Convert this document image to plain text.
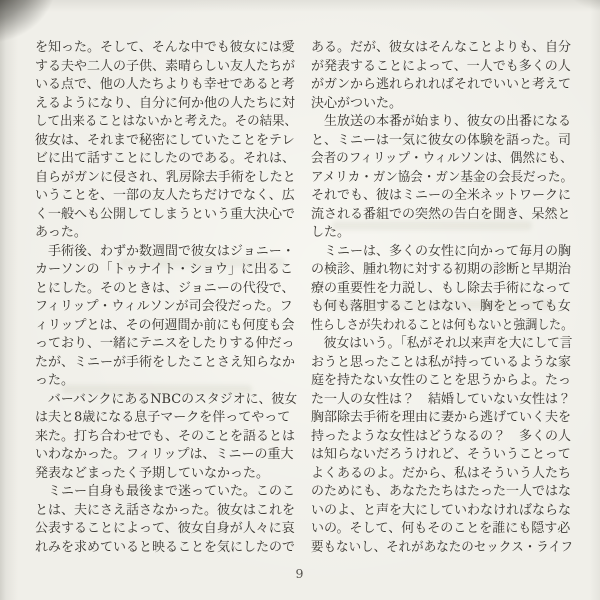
を知った。そして、そんな中でも彼女には愛
する夫や二人の子供、素晴らしい友人たちが
いる点で、他の人たちよりも幸せであると考
えるようになり、自分に何か他の人たちに対
して出来ることはないかと考えた。その結果、
彼女は、それまで秘密にしていたことをテレ
ビに出て話すことにしたのである。それは、
自らがガンに侵され、乳房除去手術をしたと
いうことを、一部の友人たちだけでなく、広
く一般へも公開してしまうという重大決心で
あった。
　手術後、わずか数週間で彼女はジョニー・
カーソンの「トゥナイト・ショウ」に出るこ
とにした。そのときは、ジョニーの代役で、
フィリップ・ウィルソンが司会役だった。フ
ィリップとは、その何週間か前にも何度も会
っており、一緒にテニスをしたりする仲だっ
たが、ミニーが手術をしたことさえ知らなか
った。
　バーバンクにあるNBCのスタジオに、彼女
は夫と8歳になる息子マークを伴ってやって
来た。打ち合わせでも、そのことを語るとは
いわなかった。フィリップは、ミニーの重大
発表などまったく予期していなかった。
　ミニー自身も最後まで迷っていた。このこ
とは、夫にさえ話さなかった。彼女はこれを
公表することによって、彼女自身が人々に哀
れみを求めていると映ることを気にしたので
ある。だが、彼女はそんなことよりも、自分
が発表することによって、一人でも多くの人
がガンから逃れられればそれでいいと考えて
決心がついた。
　生放送の本番が始まり、彼女の出番になる
と、ミニーは一気に彼女の体験を語った。司
会者のフィリップ・ウィルソンは、偶然にも、
アメリカ・ガン協会・ガン基金の会長だった。
それでも、彼はミニーの全米ネットワークに
流される番組での突然の告白を聞き、呆然と
した。
　ミニーは、多くの女性に向かって毎月の胸
の検診、腫れ物に対する初期の診断と早期治
療の重要性を力説し、もし除去手術になって
も何も落胆することはない、胸をとっても女
性らしさが失われることは何もないと強調した。
　彼女はいう。「私がそれ以来声を大にして言
おうと思ったことは私が持っているような家
庭を持たない女性のことを思うからよ。たっ
た一人の女性は？　結婚していない女性は？
胸部除去手術を理由に妻から逃げていく夫を
持ったような女性はどうなるの？　多くの人
は知らないだろうけれど、そういうことって
よくあるのよ。だから、私はそういう人たち
のためにも、あなたたちはたった一人ではな
いのよ、と声を大にしていわなければならな
いの。そして、何もそのことを誰にも隠す必
要もないし、それがあなたのセックス・ライフ
9
